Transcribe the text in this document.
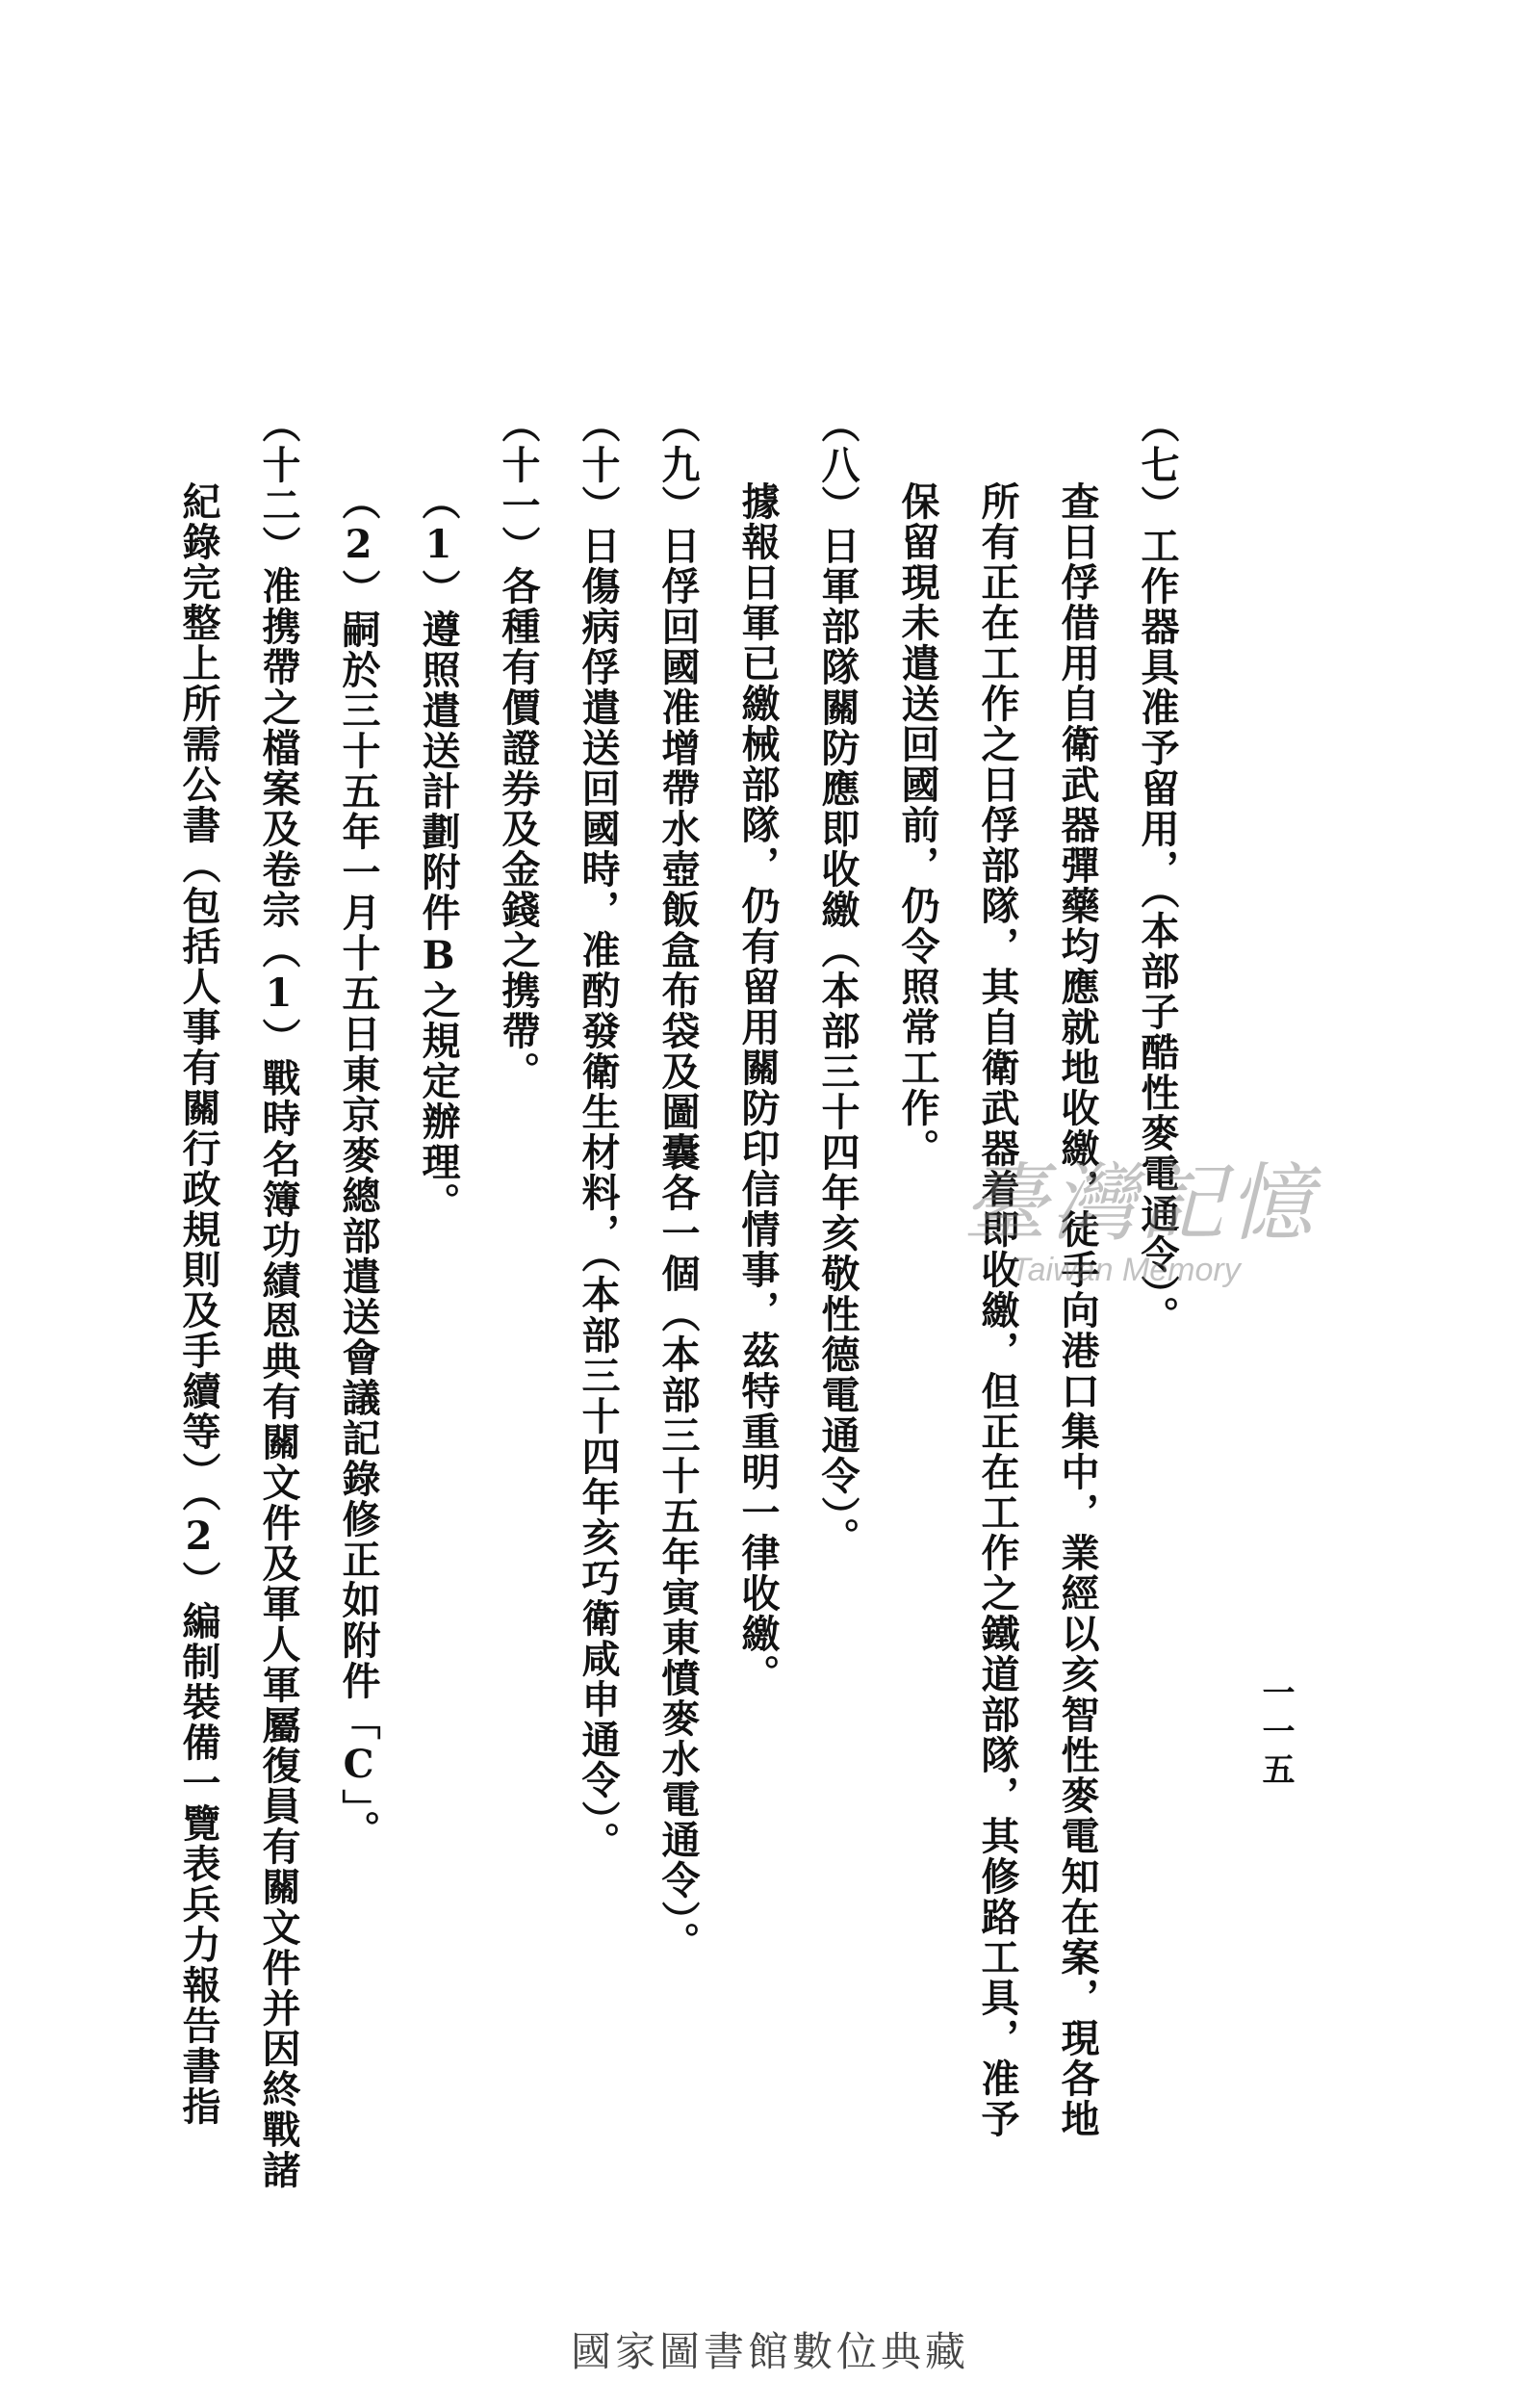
（七）工作器具准予留用，（本部子酷性麥電通令）。
查日俘借用自衛武器彈藥均應就地收繳，徒手向港口集中，業經以亥智性麥電知在案，現各地
所有正在工作之日俘部隊，其自衛武器着即收繳，但正在工作之鐵道部隊，其修路工具，准予
保留現未遣送回國前，仍令照常工作。
（八）日軍部隊關防應即收繳（本部三十四年亥敬性德電通令）。
據報日軍已繳械部隊，仍有留用關防印信情事，茲特重明一律收繳。
（九）日俘回國准增帶水壺飯盒布袋及圖囊各一個（本部三十五年寅東憤麥水電通令）。
（十）日傷病俘遣送回國時，准酌發衛生材料，（本部三十四年亥巧衛咸申通令）。
（十一）各種有價證券及金錢之携帶。
（1）遵照遣送計劃附件B之規定辦理。
（2）嗣於三十五年一月十五日東京麥總部遣送會議記錄修正如附件「C」。
（十二）准携帶之檔案及卷宗（1）戰時名簿功績恩典有關文件及軍人軍屬復員有關文件并因終戰諸
紀錄完整上所需公書（包括人事有關行政規則及手續等）（2）編制裝備一覽表兵力報告書指	一一五
臺灣記憶
Taiwan Memory
國家圖書館數位典藏
